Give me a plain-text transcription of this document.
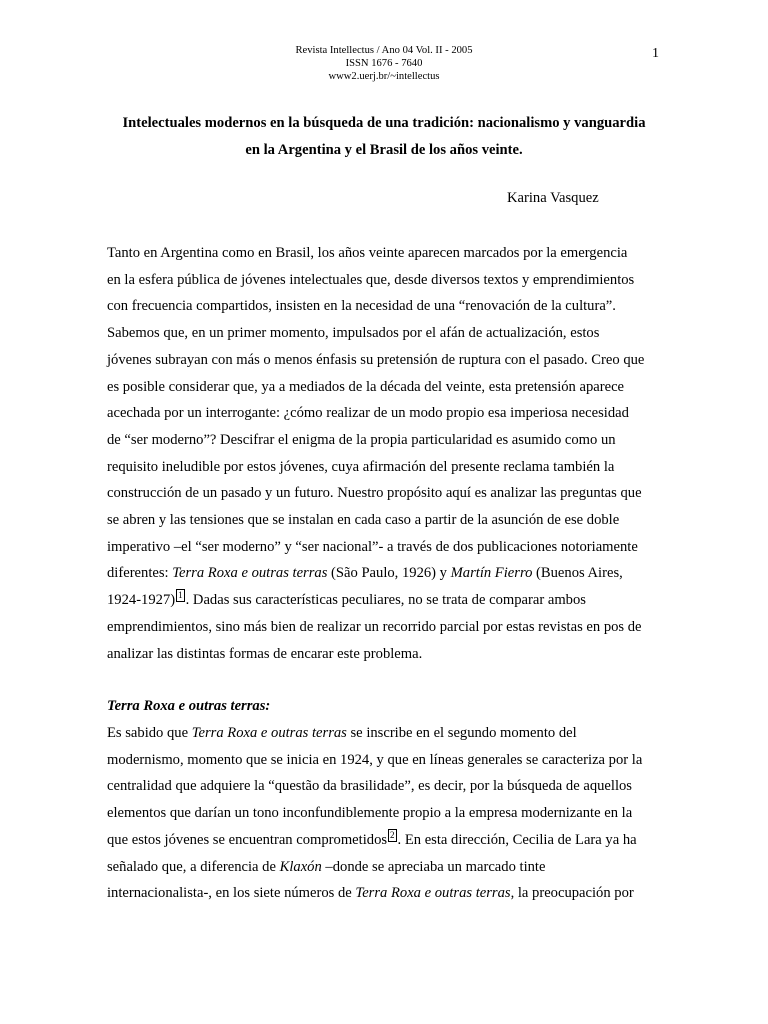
Revista Intellectus / Ano 04 Vol. II - 2005
ISSN 1676 - 7640
www2.uerj.br/~intellectus
1
Intelectuales modernos en la búsqueda de una tradición: nacionalismo y vanguardia
en la Argentina y el Brasil de los años veinte.
Karina Vasquez
Tanto en Argentina como en Brasil, los años veinte aparecen marcados por la emergencia
en la esfera pública de jóvenes intelectuales que, desde diversos textos y emprendimientos
con frecuencia compartidos, insisten en la necesidad de una “renovación de la cultura”.
Sabemos que, en un primer momento, impulsados por el afán de actualización, estos
jóvenes subrayan con más o menos énfasis su pretensión de ruptura con el pasado. Creo que
es posible considerar que, ya a mediados de la década del veinte, esta pretensión aparece
acechada por un interrogante: ¿cómo realizar de un modo propio esa imperiosa necesidad
de “ser moderno”? Descifrar el enigma de la propia particularidad es asumido como un
requisito ineludible por estos jóvenes, cuya afirmación del presente reclama también la
construcción de un pasado y un futuro. Nuestro propósito aquí es analizar las preguntas que
se abren y las tensiones que se instalan en cada caso a partir de la asunción de ese doble
imperativo –el “ser moderno” y “ser nacional”- a través de dos publicaciones notoriamente
diferentes: Terra Roxa e outras terras (São Paulo, 1926) y Martín Fierro (Buenos Aires,
1924-1927) 1 . Dadas sus características peculiares, no se trata de comparar ambos
emprendimientos, sino más bien de realizar un recorrido parcial por estas revistas en pos de
analizar las distintas formas de encarar este problema.
Terra Roxa e outras terras:
Es sabido que Terra Roxa e outras terras se inscribe en el segundo momento del
modernismo, momento que se inicia en 1924, y que en líneas generales se caracteriza por la
centralidad que adquiere la “questão da brasilidade”, es decir, por la búsqueda de aquellos
elementos que darían un tono inconfundiblemente propio a la empresa modernizante en la
que estos jóvenes se encuentran comprometidos 2 . En esta dirección, Cecilia de Lara ya ha
señalado que, a diferencia de Klaxón –donde se apreciaba un marcado tinte
internacionalista-, en los siete números de Terra Roxa e outras terras, la preocupación por
